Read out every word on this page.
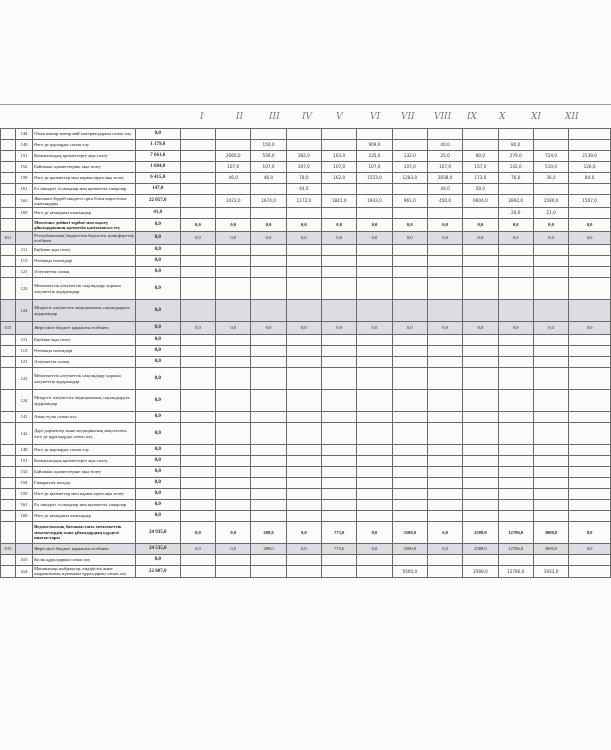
I	II	III IV	V	VI VII VIII IX X	XI	XII
	144	Отын жанар-жағар май материалдарын сатып алу	0,0												
	149	Өзге де қорларды сатып алу	1 179,0			150,0			909,0		40,0		80,0		
	151	Коммуналдық қызметтерге ақы төлеу	7 661,0		2060,0	556,0	382,0	163,0	235,0	132,0	25,0	80,0	279,0	724,0	2139,0
	152	Байланыс қызметтеріне ақы төлеу	1 684,0		107,0	107,0	107,0	107,0	107,0	107,0	107,0	157,0	142,0	510,0	126,0
	159	Өзге де қызметтер мен жұмыстарға ақы төлеу	6 415,0		46,0	46,0	78,0	162,0	1553,0	1283,0	2838,0	173,0	76,0	36,0	84,0
	161	Ел ішіндегі іссапарлар мен қызметтік сапарлар	147,0				44,0				44,0	59,0			
	163	Жалпыға бірдей міндетті орта білім көрсетілім шығындары	22 057,0		1423,0	1674,0	1172,0	1841,0	1943,0	961,0	450,0	6604,0	2892,0	1590,0	1507,0
	169	Өзге де ағымдағы шығындар	41,0										20,0	21,0	
		Мектепке дейінгі тәрбие мен оқыту ұйымдарының қызметін қамтамасыз ету	0,0	0,0	0,0	0,0	0,0	0,0	0,0	0,0	0,0	0,0	0,0	0,0	0,0
011		Республикалық бюджеттен берілетін трансферттер есебінен	0,0	0,0	0,0	0,0	0,0	0,0	0,0	0,0	0,0	0,0	0,0	0,0	0,0
	111	Еңбекке ақы төлеу	0,0												
	113	Өтемақы төлемдері	0,0												
	121	Әлеуметтік салық	0,0												
	122	Мемлекеттік әлеуметтік сақтандыру қорына әлеуметтік аударымдар	0,0												
	124	Міндетті әлеуметтік медициналық сақтандыруға аударымдар	0,0												
015		Жергілікті бюджет қаражаты есебінен	0,0	0,0	0,0	0,0	0,0	0,0	0,0	0,0	0,0	0,0	0,0	0,0	0,0
	111	Еңбекке ақы төлеу	0,0												
	113	Өтемақы төлемдері	0,0												
	121	Әлеуметтік салық	0,0												
	122	Мемлекеттік әлеуметтік сақтандыру қорына әлеуметтік аударымдар	0,0												
	124	Міндетті әлеуметтік медициналық сақтандыруға аударымдар	0,0												
	141	Азық-түлік сатып алу	0,0												
	142	Дәрі-дәрмектер және медициналық мақсаттағы өзге де құралдарды сатып алу	0,0												
	149	Өзге де қорларды сатып алу	0,0												
	151	Коммуналдық қызметтерге ақы төлеу	0,0												
	152	Байланыс қызметтеріне ақы төлеу	0,0												
	154	Ғимаратты жалдау	0,0												
	159	Өзге де қызметтер мен жұмыстарға ақы төлеу	0,0												
	161	Ел ішіндегі іссапарлар мен қызметтік сапарлар	0,0												
	169	Өзге де ағымдағы шығындар	0,0												
		Ведомстволық бағыныстағы мемлекеттік мекемелердің және ұйымдардың күрделі шығыстары	24 935,0	0,0	0,0	288,0	0,0	773,0	0,0	5500,0	0,0	2588,0	12786,0	3000,0	0,0
015		Жергілікті бюджет қаражаты есебінен	24 535,0	0,0	0,0	288,0	0,0	773,0	0,0	5500,0	0,0	2588,0	12786,0	3000,0	0,0
	413	Көлік құралдарын сатып алу	0,0												
	414	Машиналар,жабдықтар, өндірістік және шаруашылық мүкәммал құралдарын сатып алу	22 807,0							5500,0		2588,0	12786,0	1933,0	
